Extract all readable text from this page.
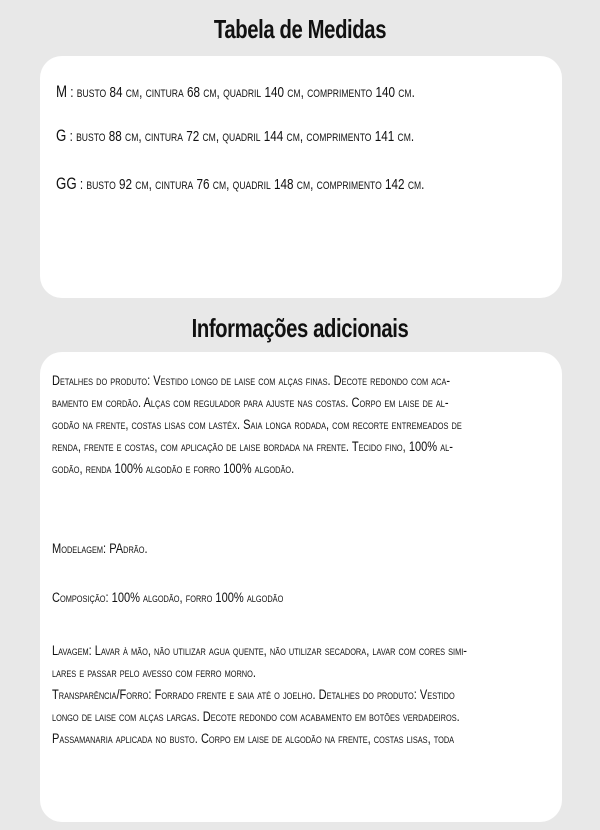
Tabela de Medidas
M : busto 84 cm, cintura 68 cm, quadril 140 cm, comprimento 140 cm.
G : busto 88 cm, cintura 72 cm, quadril 144 cm, comprimento 141 cm.
GG : busto 92 cm, cintura 76 cm, quadril 148 cm, comprimento 142 cm.
Informações adicionais

Detalhes do produto: Vestido longo de laise com alças finas. Decote redondo com aca-

bamento em cordão. Alças com regulador para ajuste nas costas. Corpo em laise de al-

godão na frente, costas lisas com lastéx. Saia longa rodada, com recorte entremeados de

renda, frente e costas, com aplicação de laise bordada na frente. Tecido fino, 100% al-

godão, renda 100% algodão e forro 100% algodão.

Modelagem: PAdrão.

Composição: 100% algodão, forro 100% algodão

Lavagem: Lavar à mão, não utilizar agua quente, não utilizar secadora, lavar com cores simi-

lares e passar pelo avesso com ferro morno.

Transparência/Forro: Forrado frente e saia até o joelho. Detalhes do produto: Vestido

longo de laise com alças largas. Decote redondo com acabamento em botões verdadeiros.

Passamanaria aplicada no busto. Corpo em laise de algodão na frente, costas lisas, toda
